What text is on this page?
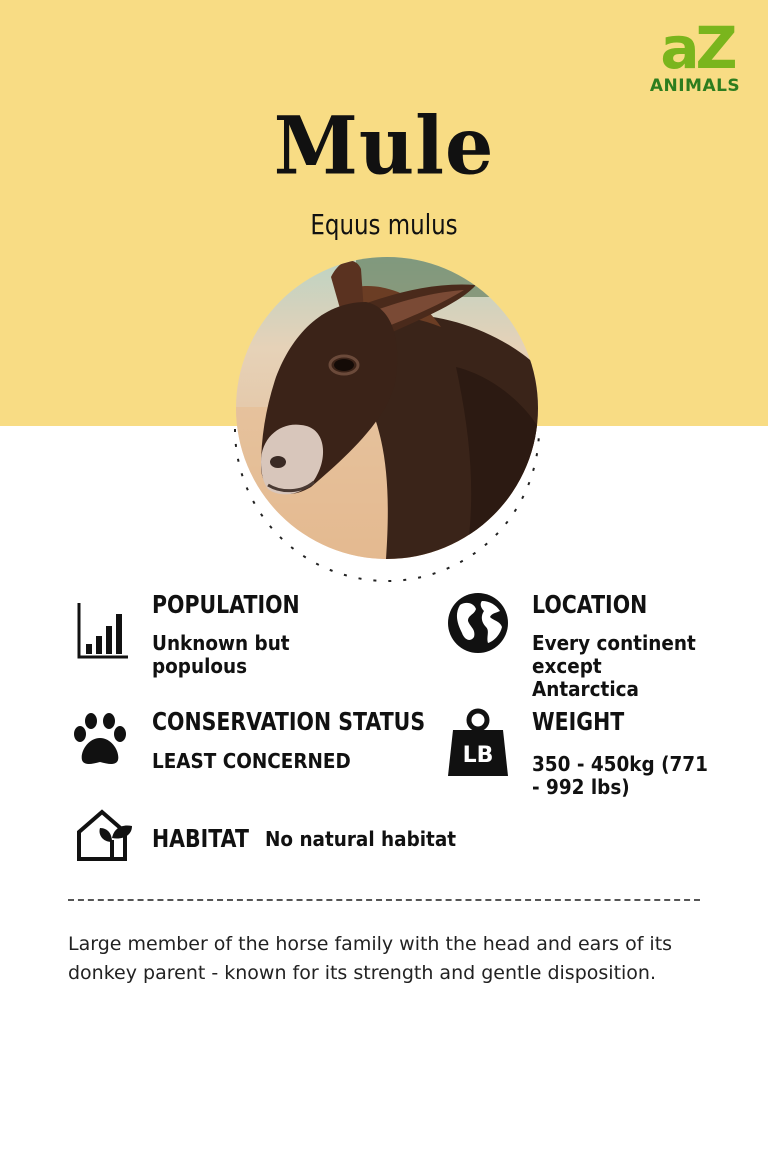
aZ
ANIMALS
Mule
Equus mulus
POPULATION
Unknown but populous
LOCATION
Every continent except Antarctica
CONSERVATION STATUS
LEAST CONCERNED	LB
WEIGHT
350 - 450kg (771 - 992 lbs)
HABITAT No natural habitat
Large member of the horse family with the head and ears of its donkey parent - known for its strength and gentle disposition.
